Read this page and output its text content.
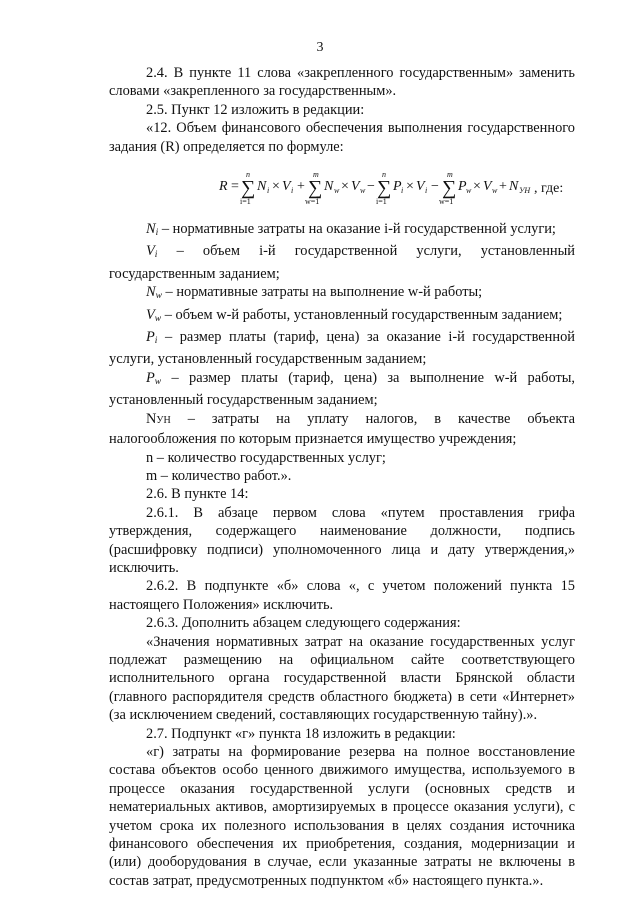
3

2.4. В пункте 11 слова «закрепленного государственным» заменить словами «закрепленного за государственным».

2.5. Пункт 12 изложить в редакции:

«12. Объем финансового обеспечения выполнения государственного задания (R) определяется по формуле:

R =
n
∑
i=1
N i × V i +
m
∑
w=1
N w × V w −
n
∑
i=1
P i × V i −
m
∑
w=1
P w × V w + N УН , где:

$N_i$ – нормативные затраты на оказание i-й государственной услуги;

$V_i$ – объем i-й государственной услуги, установленный государственным заданием;

$N_w$ – нормативные затраты на выполнение w-й работы;

$V_w$ – объем w-й работы, установленный государственным заданием;

$P_i$ – размер платы (тариф, цена) за оказание i-й государственной услуги, установленный государственным заданием;

$P_w$ – размер платы (тариф, цена) за выполнение w-й работы, установленный государственным заданием;

NУН – затраты на уплату налогов, в качестве объекта налогообложения по которым признается имущество учреждения;

n – количество государственных услуг;

m – количество работ.».

2.6. В пункте 14:

2.6.1. В абзаце первом слова «путем проставления грифа утверждения, содержащего наименование должности, подпись (расшифровку подписи) уполномоченного лица и дату утверждения,» исключить.

2.6.2. В подпункте «б» слова «, с учетом положений пункта 15 настоящего Положения» исключить.

2.6.3. Дополнить абзацем следующего содержания:

«Значения нормативных затрат на оказание государственных услуг подлежат размещению на официальном сайте соответствующего исполнительного органа государственной власти Брянской области (главного распорядителя средств областного бюджета) в сети «Интернет» (за исключением сведений, составляющих государственную тайну).».

2.7. Подпункт «г» пункта 18 изложить в редакции:

«г) затраты на формирование резерва на полное восстановление состава объектов особо ценного движимого имущества, используемого в процессе оказания государственной услуги (основных средств и нематериальных активов, амортизируемых в процессе оказания услуги), с учетом срока их полезного использования в целях создания источника финансового обеспечения их приобретения, создания, модернизации и (или) дооборудования в случае, если указанные затраты не включены в состав затрат, предусмотренных подпунктом «б» настоящего пункта.».
